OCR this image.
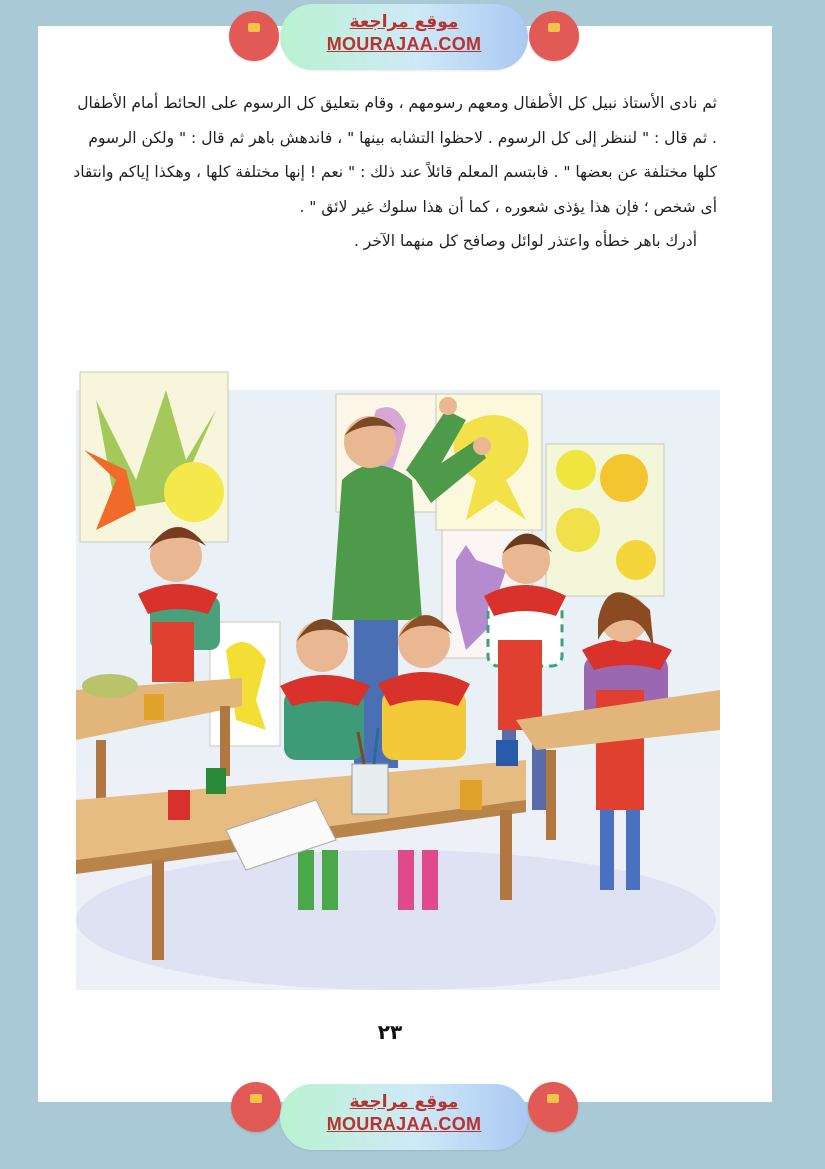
موقع مراجعة
MOURAJAA.COM

ثم نادى الأستاذ نبيل كل الأطفال ومعهم رسومهم ، وقام بتعليق كل الرسوم على الحائط أمام الأطفال . ثم قال : " لننظر إلى كل الرسوم . لاحظوا التشابه بينها " ، فاندهش باهر ثم قال : " ولكن الرسوم كلها مختلفة عن بعضها " . فابتسم المعلم قائلاً عند ذلك : " نعم ! إنها مختلفة كلها ، وهكذا إياكم وانتقاد أى شخص ؛ فإن هذا يؤذى شعوره ، كما أن هذا سلوك غير لائق " .

أدرك باهر خطأه واعتذر لوائل وصافح كل منهما الآخر .

٢٣
موقع مراجعة
MOURAJAA.COM
